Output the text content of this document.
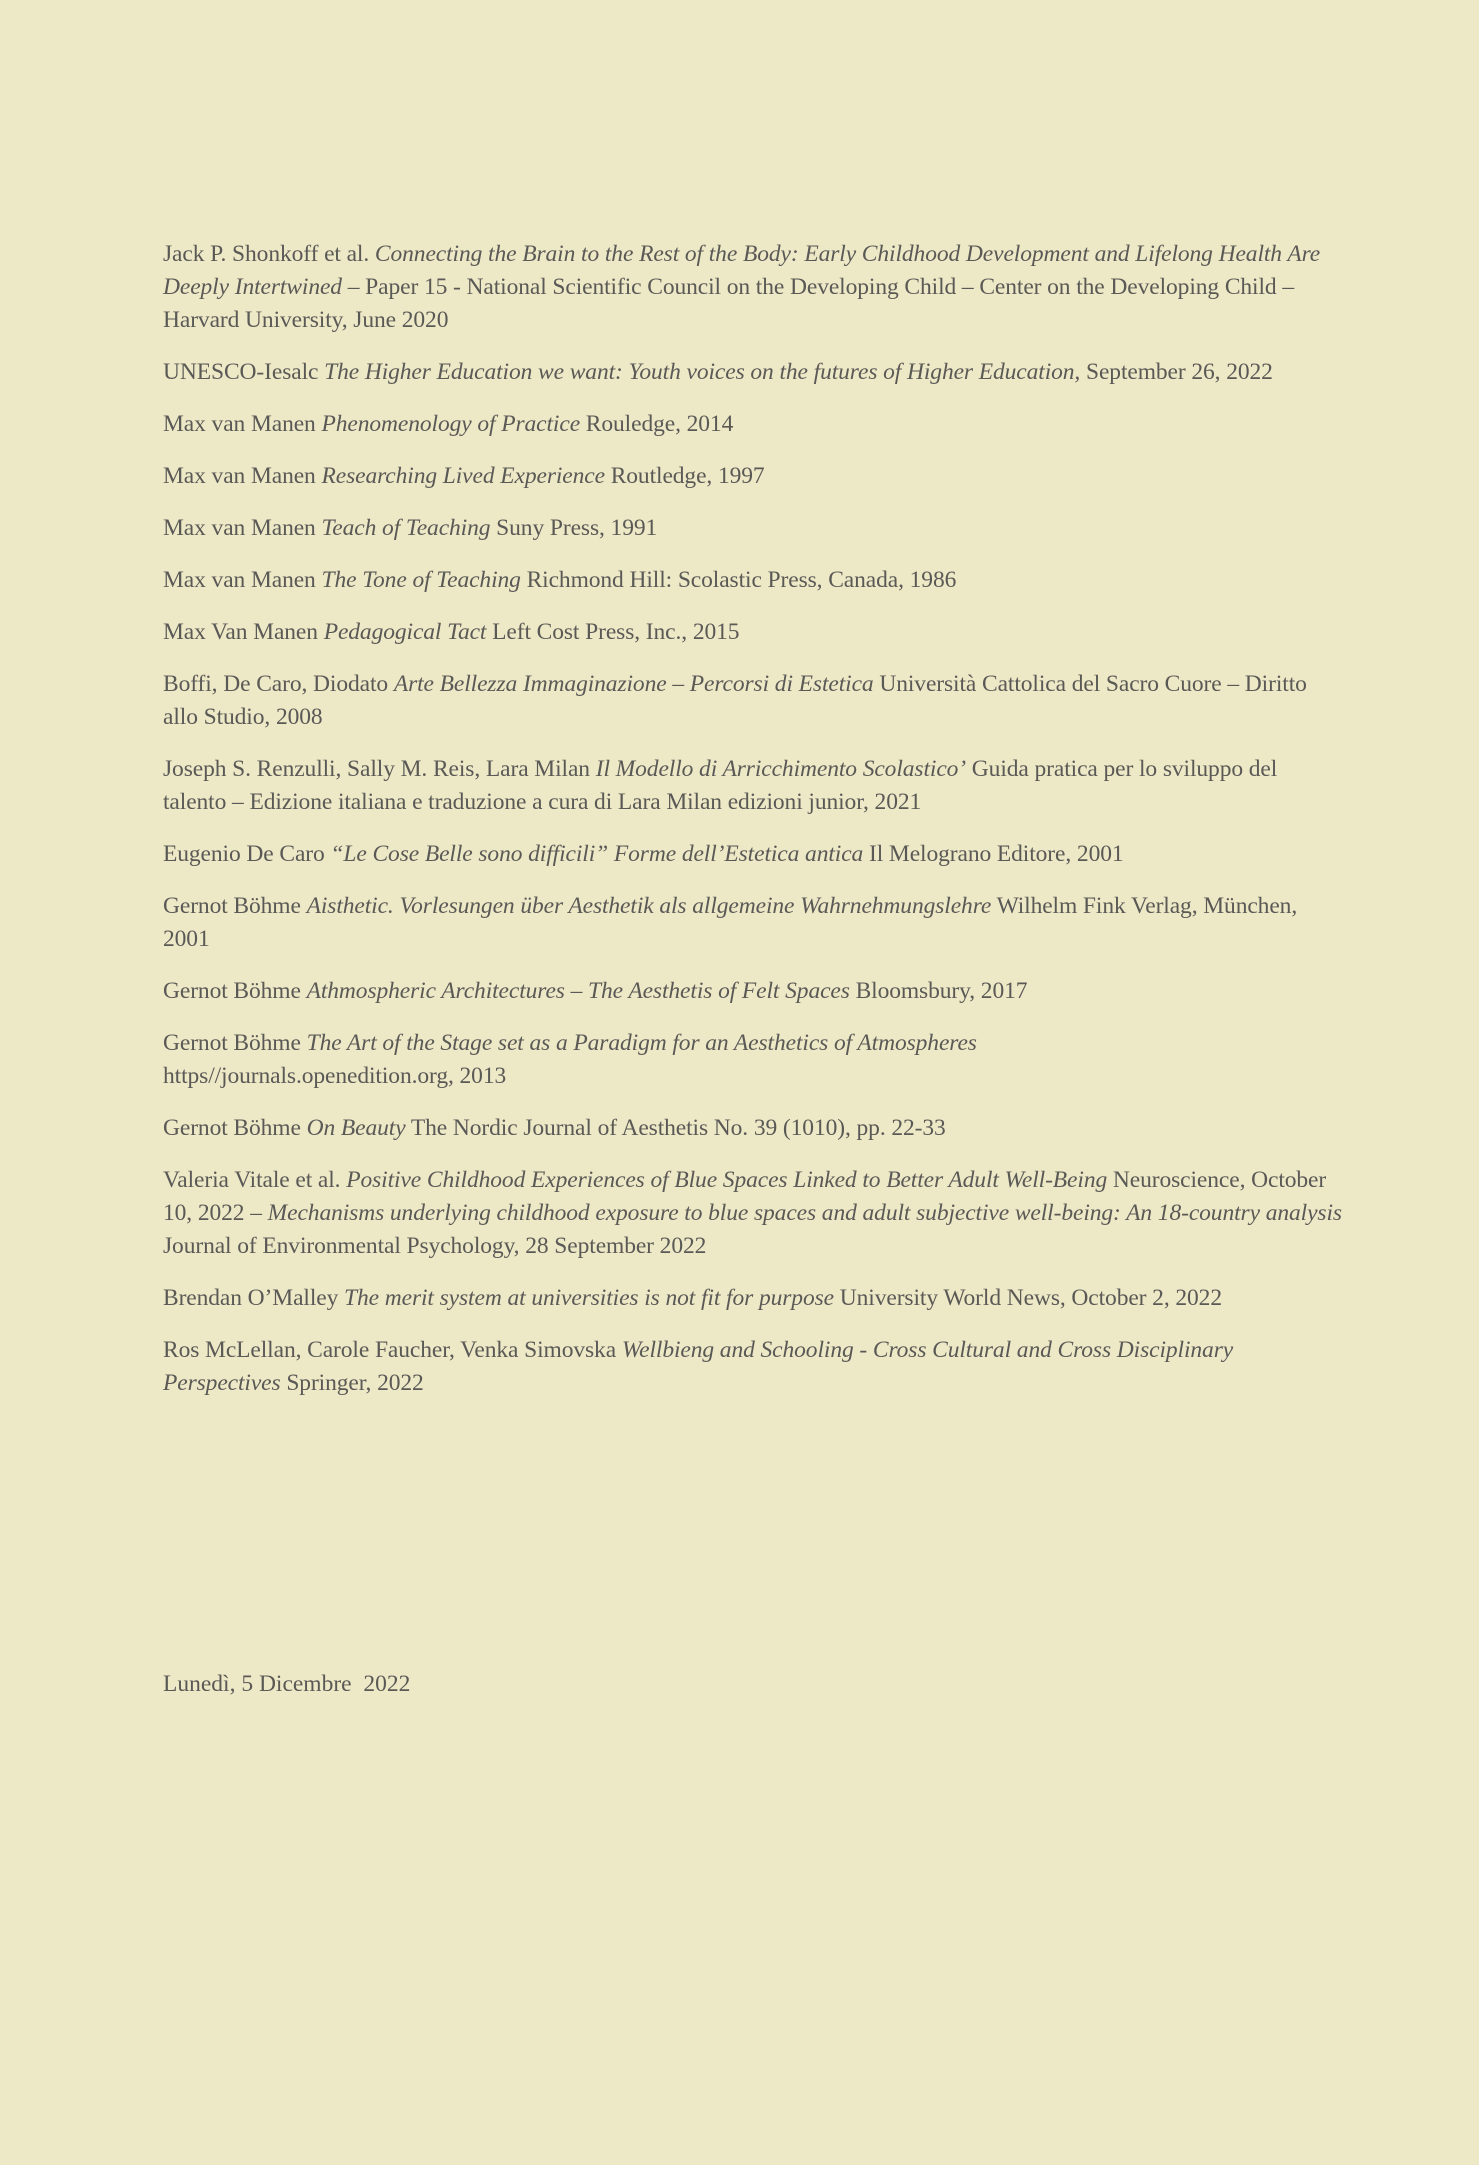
Jack P. Shonkoff et al. Connecting the Brain to the Rest of the Body: Early Childhood Development and Lifelong Health Are Deeply Intertwined – Paper 15 - National Scientific Council on the Developing Child – Center on the Developing Child – Harvard University, June 2020

UNESCO-Iesalc The Higher Education we want: Youth voices on the futures of Higher Education, September 26, 2022

Max van Manen Phenomenology of Practice Rouledge, 2014

Max van Manen Researching Lived Experience Routledge, 1997

Max van Manen Teach of Teaching Suny Press, 1991

Max van Manen The Tone of Teaching Richmond Hill: Scolastic Press, Canada, 1986

Max Van Manen Pedagogical Tact Left Cost Press, Inc., 2015

Boffi, De Caro, Diodato Arte Bellezza Immaginazione – Percorsi di Estetica Università Cattolica del Sacro Cuore – Diritto allo Studio, 2008

Joseph S. Renzulli, Sally M. Reis, Lara Milan Il Modello di Arricchimento Scolastico’ Guida pratica per lo sviluppo del talento – Edizione italiana e traduzione a cura di Lara Milan edizioni junior, 2021

Eugenio De Caro “Le Cose Belle sono difficili” Forme dell’Estetica antica Il Melograno Editore, 2001

Gernot Böhme Aisthetic. Vorlesungen über Aesthetik als allgemeine Wahrnehmungslehre Wilhelm Fink Verlag, München, 2001

Gernot Böhme Athmospheric Architectures – The Aesthetis of Felt Spaces Bloomsbury, 2017

Gernot Böhme The Art of the Stage set as a Paradigm for an Aesthetics of Atmospheres
https//journals.openedition.org, 2013

Gernot Böhme On Beauty The Nordic Journal of Aesthetis No. 39 (1010), pp. 22-33

Valeria Vitale et al. Positive Childhood Experiences of Blue Spaces Linked to Better Adult Well-Being Neuroscience, October 10, 2022 – Mechanisms underlying childhood exposure to blue spaces and adult subjective well-being: An 18-country analysis Journal of Environmental Psychology, 28 September 2022

Brendan O’Malley The merit system at universities is not fit for purpose University World News, October 2, 2022

Ros McLellan, Carole Faucher, Venka Simovska Wellbieng and Schooling - Cross Cultural and Cross Disciplinary Perspectives Springer, 2022

Lunedì, 5 Dicembre  2022
